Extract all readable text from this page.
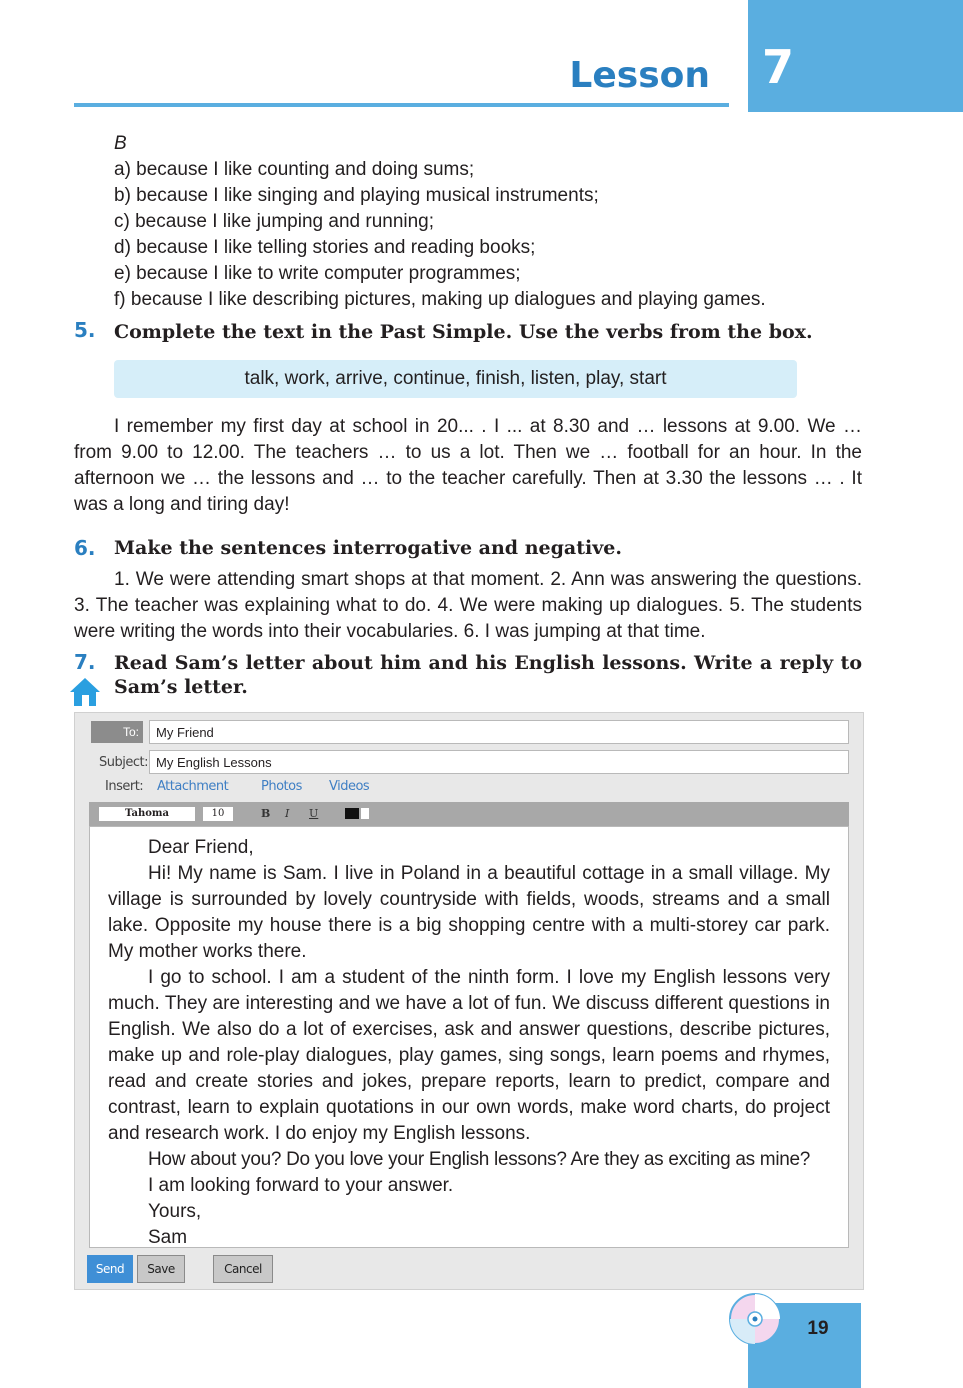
7
Lesson
B
a) because I like counting and doing sums;
b) because I like singing and playing musical instruments;
c) because I like jumping and running;
d) because I like telling stories and reading books;
e) because I like to write computer programmes;
f) because I like describing pictures, making up dialogues and playing games.
5. Complete the text in the Past Simple. Use the verbs from the box.
talk, work, arrive, continue, finish, listen, play, start
I remember my first day at school in 20... . I ... at 8.30 and … lessons at 9.00. We … from 9.00 to 12.00. The teachers … to us a lot. Then we … football for an hour. In the afternoon we … the lessons and … to the teacher carefully. Then at 3.30 the lessons … . It was a long and tiring day!
6. Make the sentences interrogative and negative.
1. We were attending smart shops at that moment. 2. Ann was answering the questions. 3. The teacher was explaining what to do. 4. We were making up dialogues. 5. The students were writing the words into their vocabularies. 6. I was jumping at that time.
7. Read Sam’s letter about him and his English lessons. Write a reply to Sam’s letter.
To:	My Friend
Subject: My English Lessons
Insert: Attachment	Photos Videos
Tahoma	10	B I U

Dear Friend,

Hi! My name is Sam. I live in Poland in a beautiful cottage in a small village. My village is surrounded by lovely countryside with fields, woods, streams and a small lake. Opposite my house there is a big shopping centre with a multi-storey car park. My mother works there.

I go to school. I am a student of the ninth form. I love my English lessons very much. They are interesting and we have a lot of fun. We discuss different questions in English. We also do a lot of exercises, ask and answer questions, describe pictures, make up and role-play dialogues, play games, sing songs, learn poems and rhymes, read and create stories and jokes, prepare reports, learn to predict, compare and contrast, learn to explain quotations in our own words, make word charts, do project and research work. I do enjoy my English lessons.

How about you? Do you love your English lessons? Are they as exciting as mine?

I am looking forward to your answer.

Yours,

Sam

Send	Save	Cancel
19
